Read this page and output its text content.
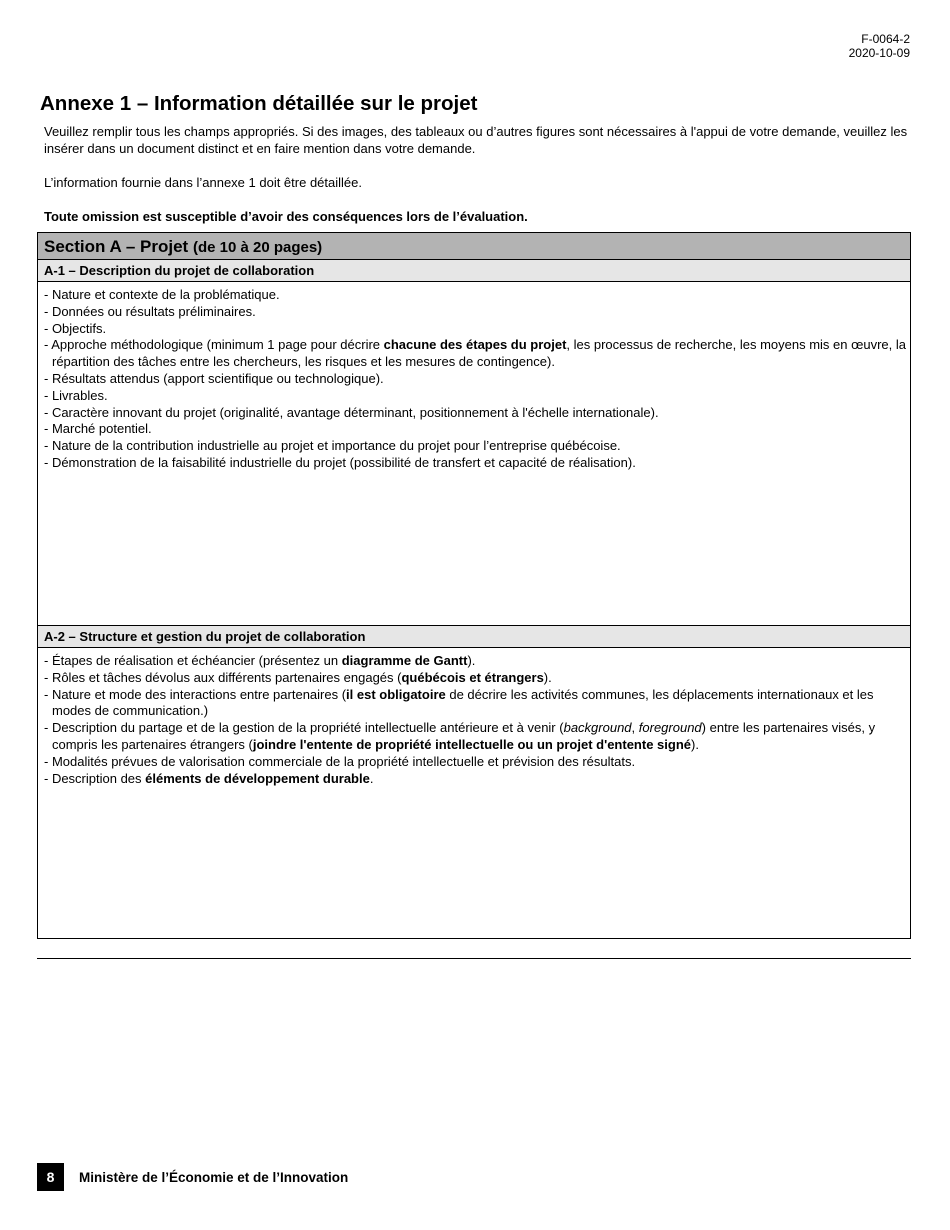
F-0064-2
2020-10-09
Annexe 1 – Information détaillée sur le projet

Veuillez remplir tous les champs appropriés. Si des images, des tableaux ou d’autres figures sont nécessaires à l'appui de votre demande, veuillez les insérer dans un document distinct et en faire mention dans votre demande.

L’information fournie dans l’annexe 1 doit être détaillée.

Toute omission est susceptible d’avoir des conséquences lors de l’évaluation.

Section A – Projet (de 10 à 20 pages)
A-1 – Description du projet de collaboration

- Nature et contexte de la problématique.

- Données ou résultats préliminaires.

- Objectifs.

- Approche méthodologique (minimum 1 page pour décrire chacune des étapes du projet, les processus de recherche, les moyens mis en œuvre, la répartition des tâches entre les chercheurs, les risques et les mesures de contingence).

- Résultats attendus (apport scientifique ou technologique).

- Livrables.

- Caractère innovant du projet (originalité, avantage déterminant, positionnement à l'échelle internationale).

- Marché potentiel.

- Nature de la contribution industrielle au projet et importance du projet pour l’entreprise québécoise.

- Démonstration de la faisabilité industrielle du projet (possibilité de transfert et capacité de réalisation).

A-2 – Structure et gestion du projet de collaboration

- Étapes de réalisation et échéancier (présentez un diagramme de Gantt).

- Rôles et tâches dévolus aux différents partenaires engagés (québécois et étrangers).

- Nature et mode des interactions entre partenaires (il est obligatoire de décrire les activités communes, les déplacements internationaux et les modes de communication.)

- Description du partage et de la gestion de la propriété intellectuelle antérieure et à venir (background, foreground) entre les partenaires visés, y compris les partenaires étrangers (joindre l'entente de propriété intellectuelle ou un projet d'entente signé).

- Modalités prévues de valorisation commerciale de la propriété intellectuelle et prévision des résultats.

- Description des éléments de développement durable.

8	Ministère de l’Économie et de l’Innovation
